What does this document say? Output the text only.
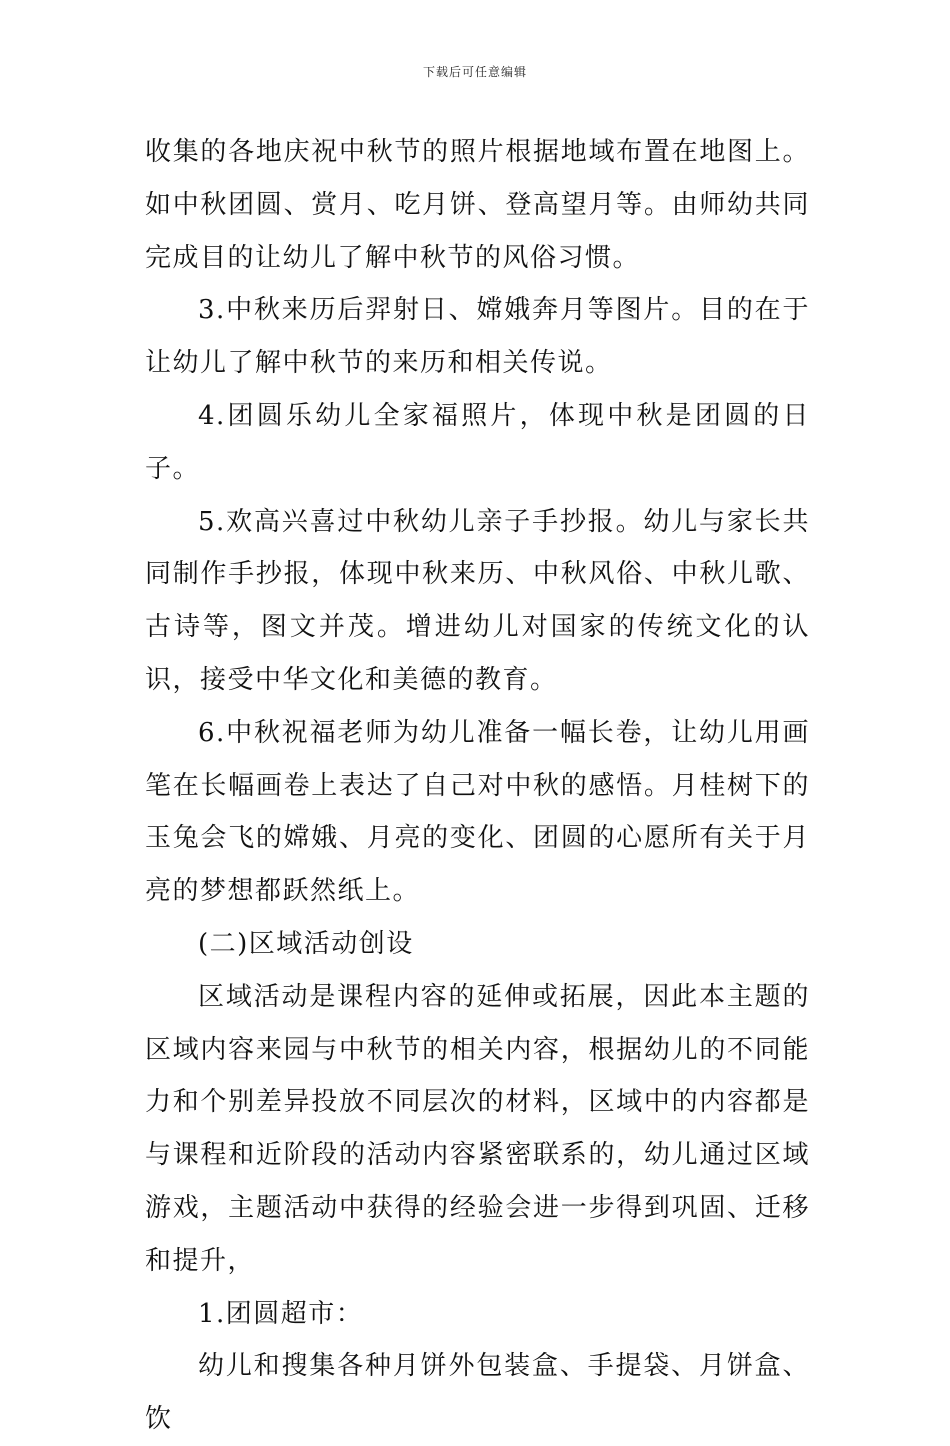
下载后可任意编辑

收集的各地庆祝中秋节的照片根据地域布置在地图上。如中秋团圆、赏月、吃月饼、登高望月等。由师幼共同完成目的让幼儿了解中秋节的风俗习惯。

3.中秋来历后羿射日、嫦娥奔月等图片。目的在于让幼儿了解中秋节的来历和相关传说。

4.团圆乐幼儿全家福照片，体现中秋是团圆的日子。

5.欢高兴喜过中秋幼儿亲子手抄报。幼儿与家长共同制作手抄报，体现中秋来历、中秋风俗、中秋儿歌、古诗等，图文并茂。增进幼儿对国家的传统文化的认识，接受中华文化和美德的教育。

6.中秋祝福老师为幼儿准备一幅长卷，让幼儿用画笔在长幅画卷上表达了自己对中秋的感悟。月桂树下的玉兔会飞的嫦娥、月亮的变化、团圆的心愿所有关于月亮的梦想都跃然纸上。

(二)区域活动创设

区域活动是课程内容的延伸或拓展，因此本主题的区域内容来园与中秋节的相关内容，根据幼儿的不同能力和个别差异投放不同层次的材料，区域中的内容都是与课程和近阶段的活动内容紧密联系的，幼儿通过区域游戏，主题活动中获得的经验会进一步得到巩固、迁移和提升，

1.团圆超市：

幼儿和搜集各种月饼外包装盒、手提袋、月饼盒、饮
